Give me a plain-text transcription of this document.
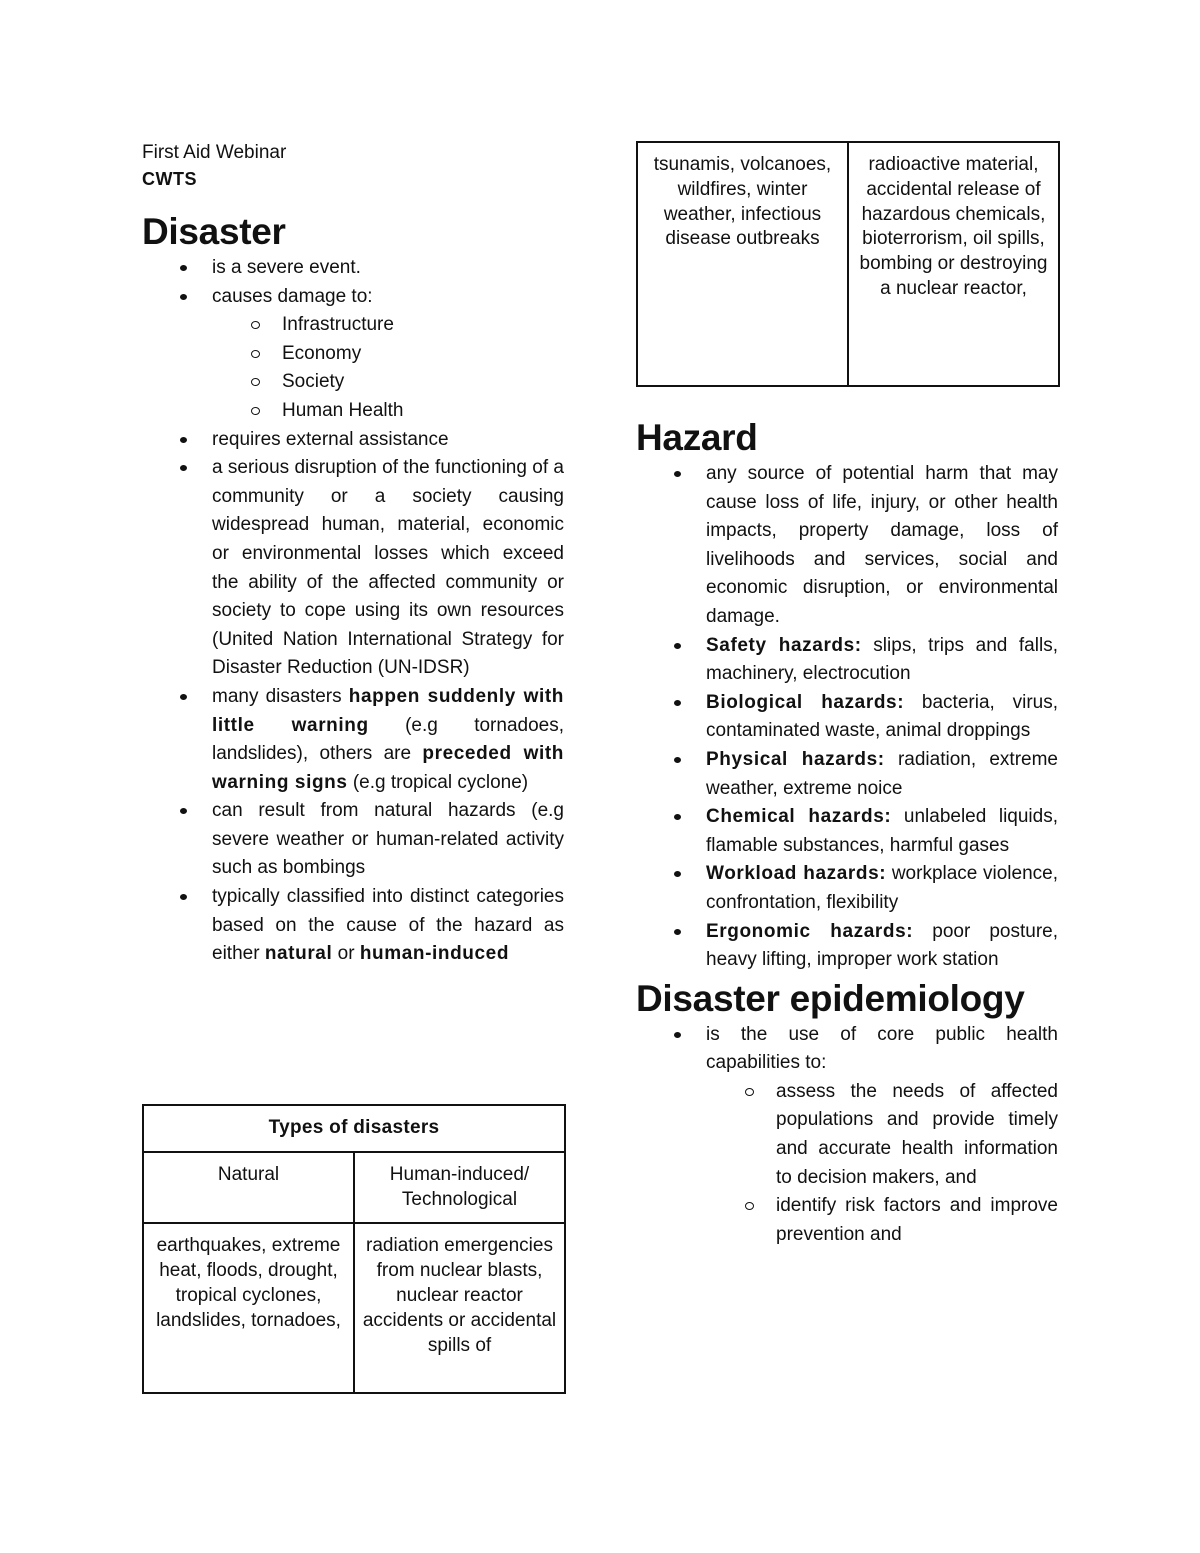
First Aid Webinar

CWTS

Disaster
is a severe event.
causes damage to:
Infrastructure
Economy
Society
Human Health
requires external assistance
a serious disruption of the functioning of a community or a society causing widespread human, material, economic or environmental losses which exceed the ability of the affected community or society to cope using its own resources (United Nation International Strategy for Disaster Reduction (UN-IDSR)
many disasters happen suddenly with little warning (e.g tornadoes, landslides), others are preceded with warning signs (e.g tropical cyclone)
can result from natural hazards (e.g severe weather or human-related activity such as bombings
typically classified into distinct categories based on the cause of the hazard as either natural or human-induced
Types of disasters	
Natural	Human-induced/ Technological
earthquakes, extreme heat, floods, drought, tropical cyclones, landslides, tornadoes,	radiation emergencies from nuclear blasts, nuclear reactor accidents or accidental spills of
tsunamis, volcanoes, wildfires, winter weather, infectious disease outbreaks	radioactive material, accidental release of hazardous chemicals, bioterrorism, oil spills, bombing or destroying a nuclear reactor,
Hazard
any source of potential harm that may cause loss of life, injury, or other health impacts, property damage, loss of livelihoods and services, social and economic disruption, or environmental damage.
Safety hazards: slips, trips and falls, machinery, electrocution
Biological hazards: bacteria, virus, contaminated waste, animal droppings
Physical hazards: radiation, extreme weather, extreme noice
Chemical hazards: unlabeled liquids, flamable substances, harmful gases
Workload hazards: workplace violence, confrontation, flexibility
Ergonomic hazards: poor posture, heavy lifting, improper work station
Disaster epidemiology
is the use of core public health capabilities to:
assess the needs of affected populations and provide timely and accurate health information to decision makers, and
identify risk factors and improve prevention and
